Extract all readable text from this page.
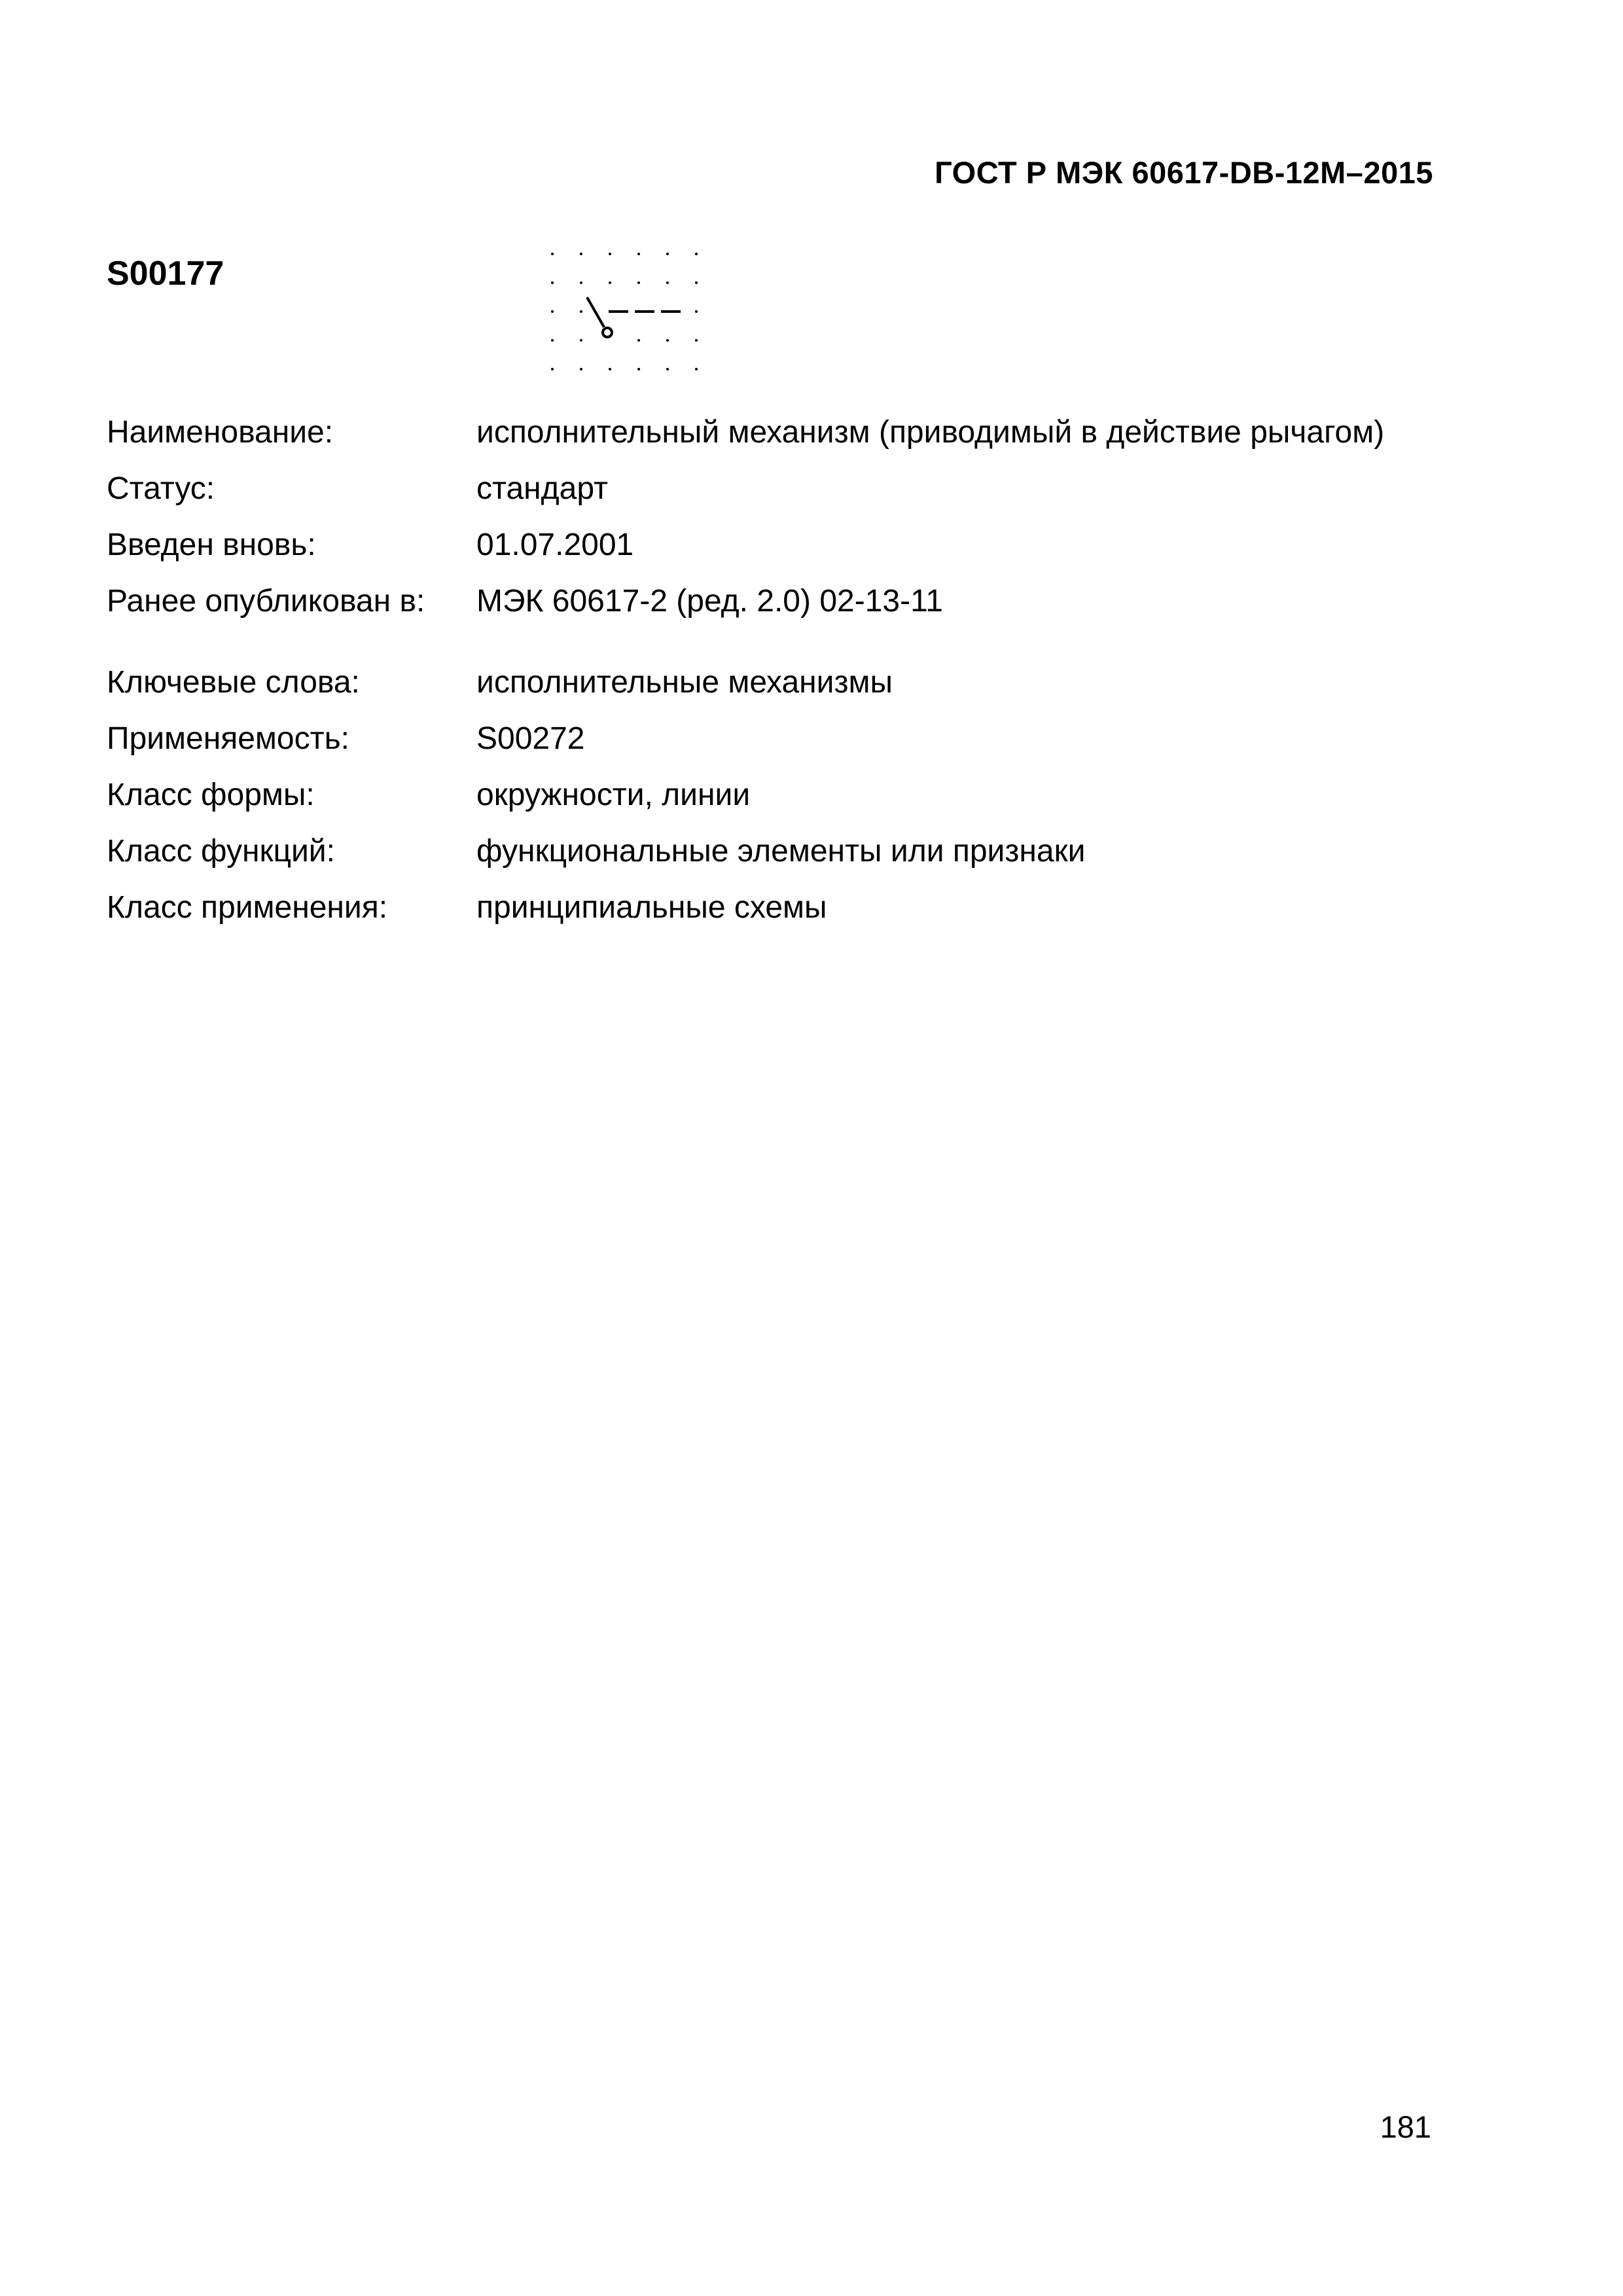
ГОСТ Р МЭК 60617-DB-12M–2015
S00177
Наименование:	исполнительный механизм (приводимый в действие рычагом)
Статус:	стандарт
Введен вновь:	01.07.2001
Ранее опубликован в:	МЭК 60617-2 (ред. 2.0) 02-13-11
Ключевые слова:	исполнительные механизмы
Применяемость:	S00272
Класс формы:	окружности, линии
Класс функций:	функциональные элементы или признаки
Класс применения:	принципиальные схемы
181
